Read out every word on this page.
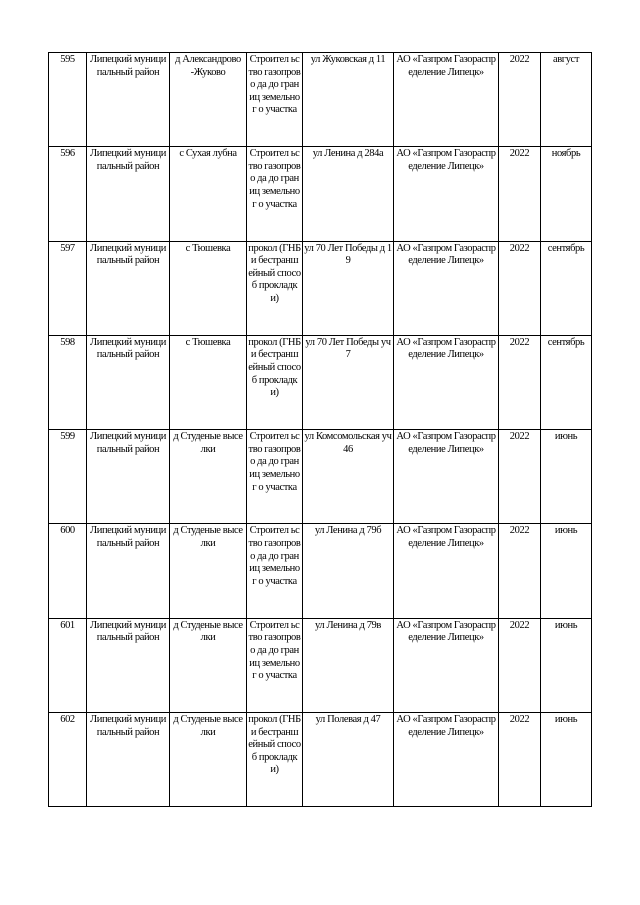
595	Липецкий муниципальный район	д Александрово -Жуково	Строител ьство газопрово да до границ земельног о участка	ул Жуковская д 11	АО «Газпром Газораспределение Липецк»	2022	август

596	Липецкий муниципальный район	с Сухая лубна	Строител ьство газопрово да до границ земельног о участка	ул Ленина д 284а	АО «Газпром Газораспределение Липецк»	2022	ноябрь

597	Липецкий муниципальный район	с Тюшевка	прокол (ГНБ и бестранш ейный способ прокладк и)	ул 70 Лет Победы д 19	АО «Газпром Газораспределение Липецк»	2022	сентябрь

598	Липецкий муниципальный район	с Тюшевка	прокол (ГНБ и бестранш ейный способ прокладк и)	ул 70 Лет Победы уч 7	АО «Газпром Газораспределение Липецк»	2022	сентябрь

599	Липецкий муниципальный район	д Студеные выселки	Строител ьство газопрово да до границ земельног о участка	ул Комсомольская уч 46	АО «Газпром Газораспределение Липецк»	2022	июнь

600	Липецкий муниципальный район	д Студеные выселки	Строител ьство газопрово да до границ земельног о участка	ул Ленина д 79б	АО «Газпром Газораспределение Липецк»	2022	июнь

601	Липецкий муниципальный район	д Студеные выселки	Строител ьство газопрово да до границ земельног о участка	ул Ленина д 79в	АО «Газпром Газораспределение Липецк»	2022	июнь

602	Липецкий муниципальный район	д Студеные выселки	прокол (ГНБ и бестранш ейный способ прокладк и)	ул Полевая д 47	АО «Газпром Газораспределение Липецк»	2022	июнь
